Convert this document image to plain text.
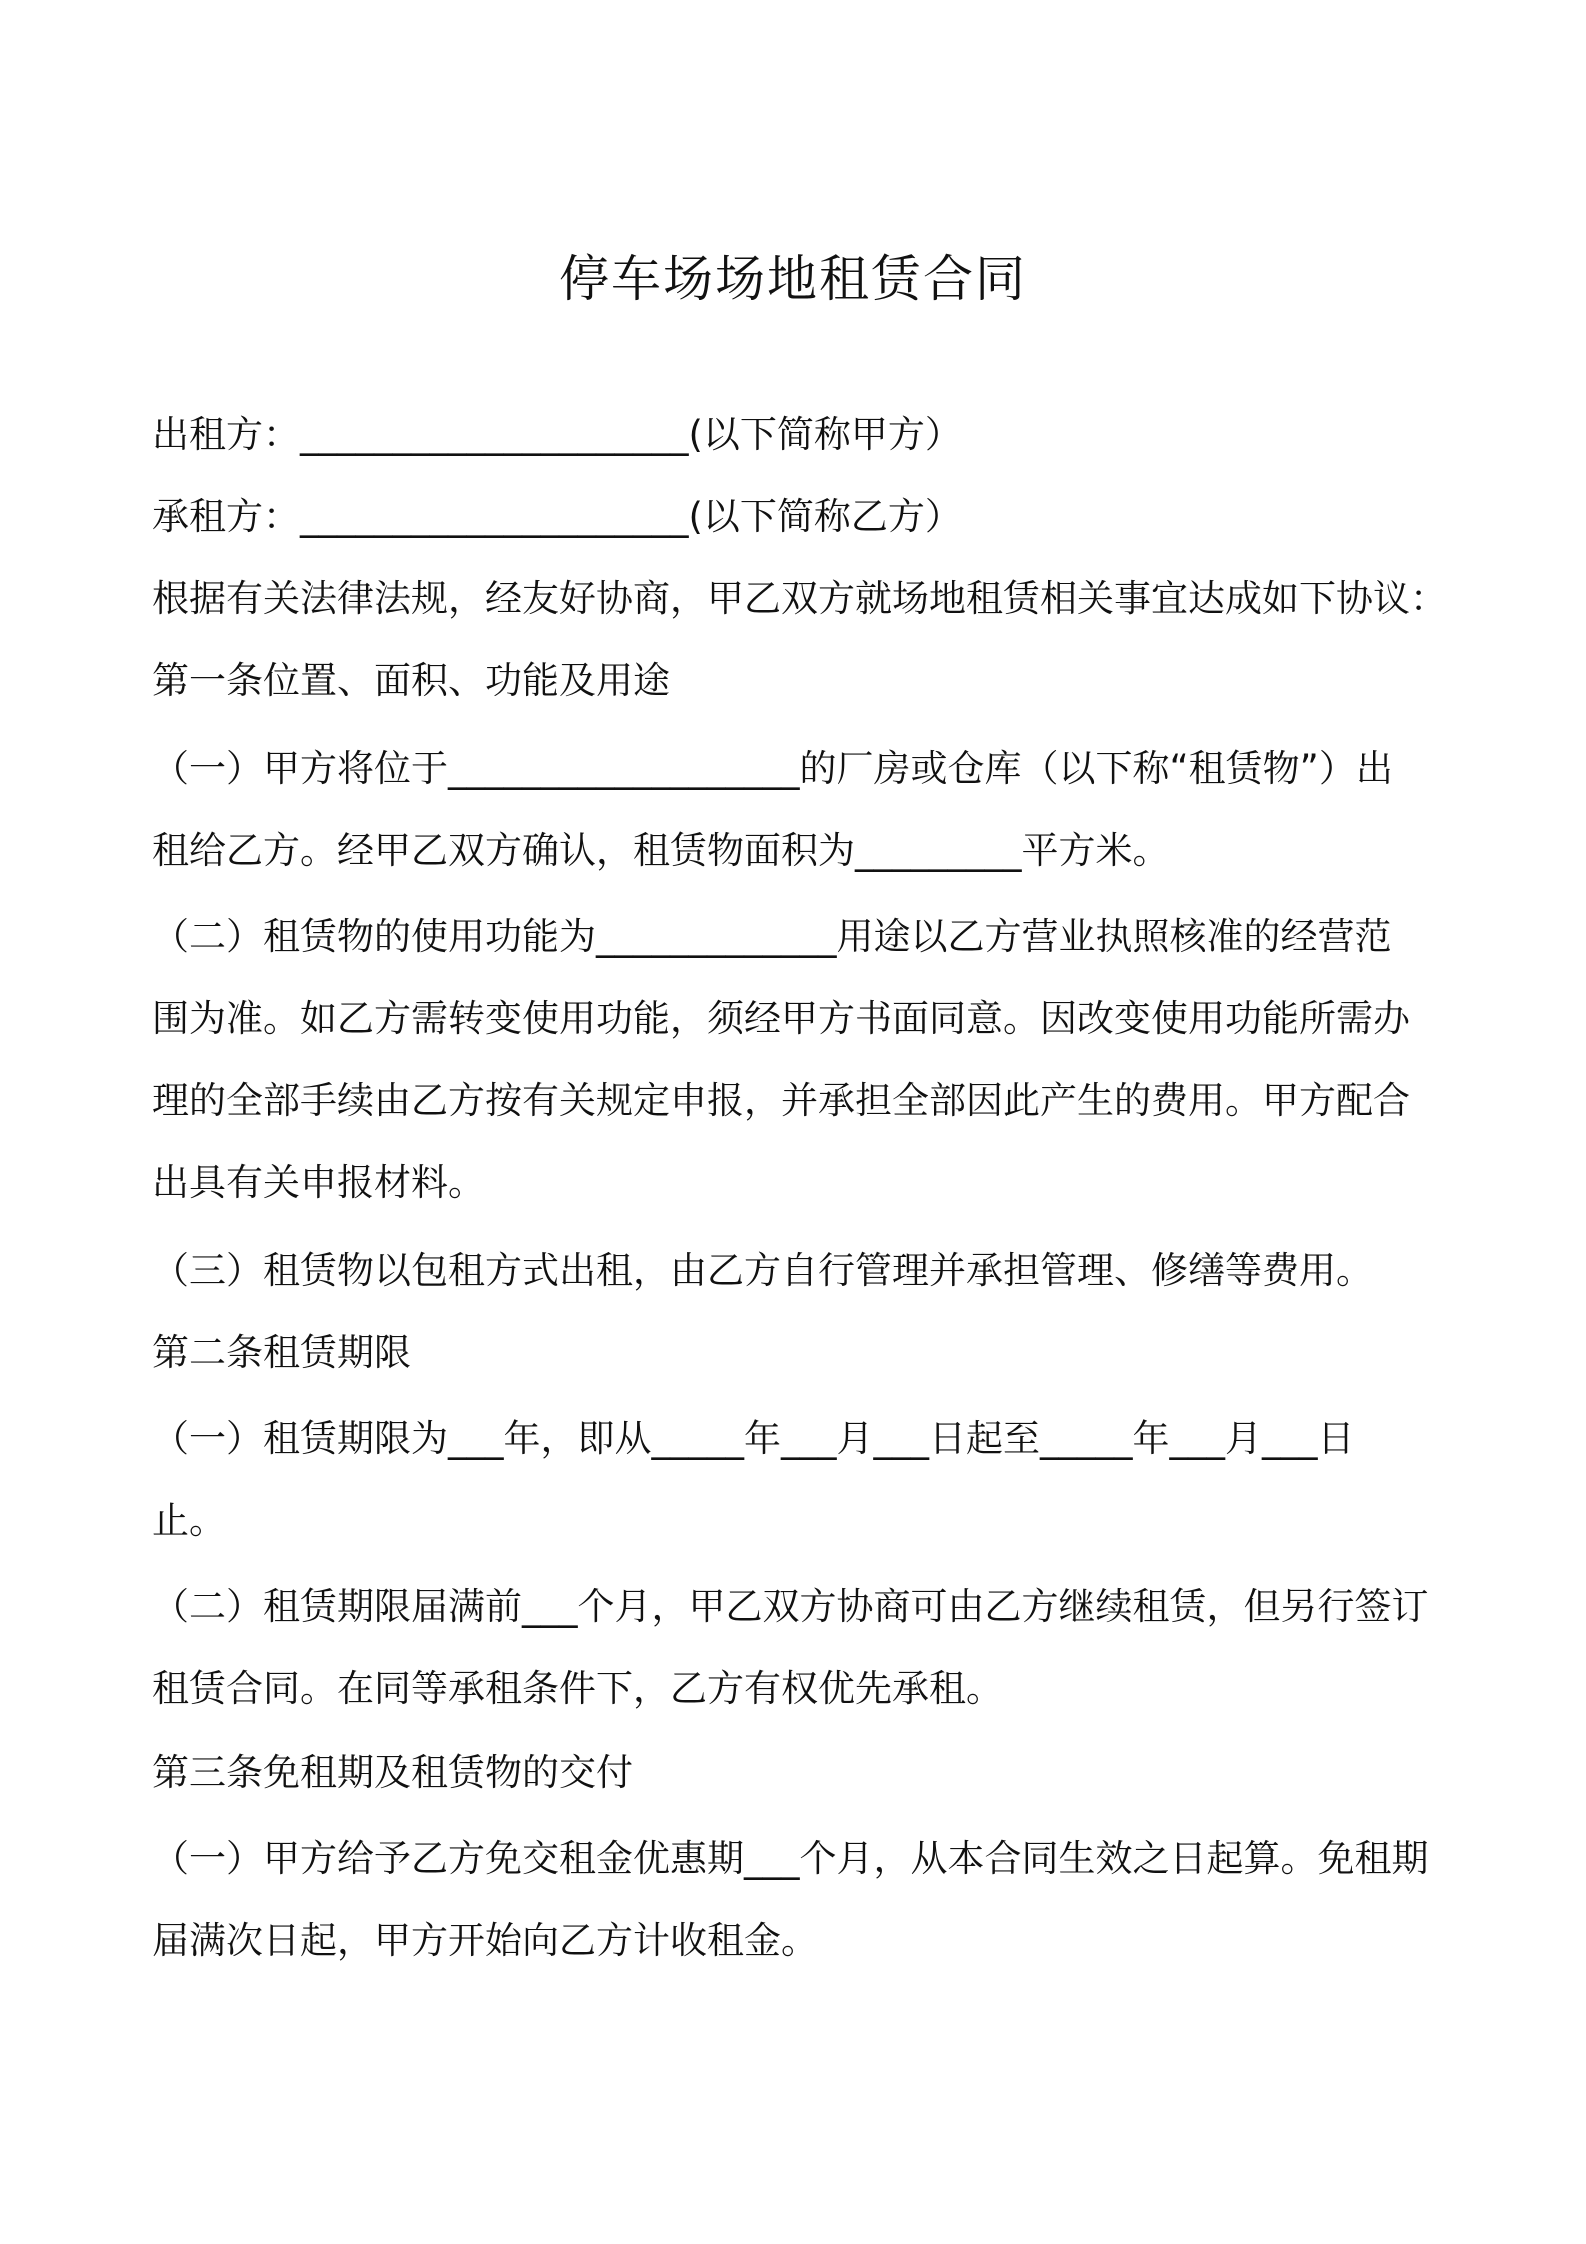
停车场场地租赁合同
出租方：_____________________(以下简称甲方）
承租方：_____________________(以下简称乙方）
根据有关法律法规，经友好协商，甲乙双方就场地租赁相关事宜达成如下协议：
第一条位置、面积、功能及用途
（一）甲方将位于___________________的厂房或仓库（以下称“租赁物”）出
租给乙方。经甲乙双方确认，租赁物面积为_________平方米。
（二）租赁物的使用功能为_____________用途以乙方营业执照核准的经营范
围为准。如乙方需转变使用功能，须经甲方书面同意。因改变使用功能所需办
理的全部手续由乙方按有关规定申报，并承担全部因此产生的费用。甲方配合
出具有关申报材料。
（三）租赁物以包租方式出租，由乙方自行管理并承担管理、修缮等费用。
第二条租赁期限
（一）租赁期限为___年，即从_____年___月___日起至_____年___月___日
止。
（二）租赁期限届满前___个月，甲乙双方协商可由乙方继续租赁，但另行签订
租赁合同。在同等承租条件下，乙方有权优先承租。
第三条免租期及租赁物的交付
（一）甲方给予乙方免交租金优惠期___个月，从本合同生效之日起算。免租期
届满次日起，甲方开始向乙方计收租金。
